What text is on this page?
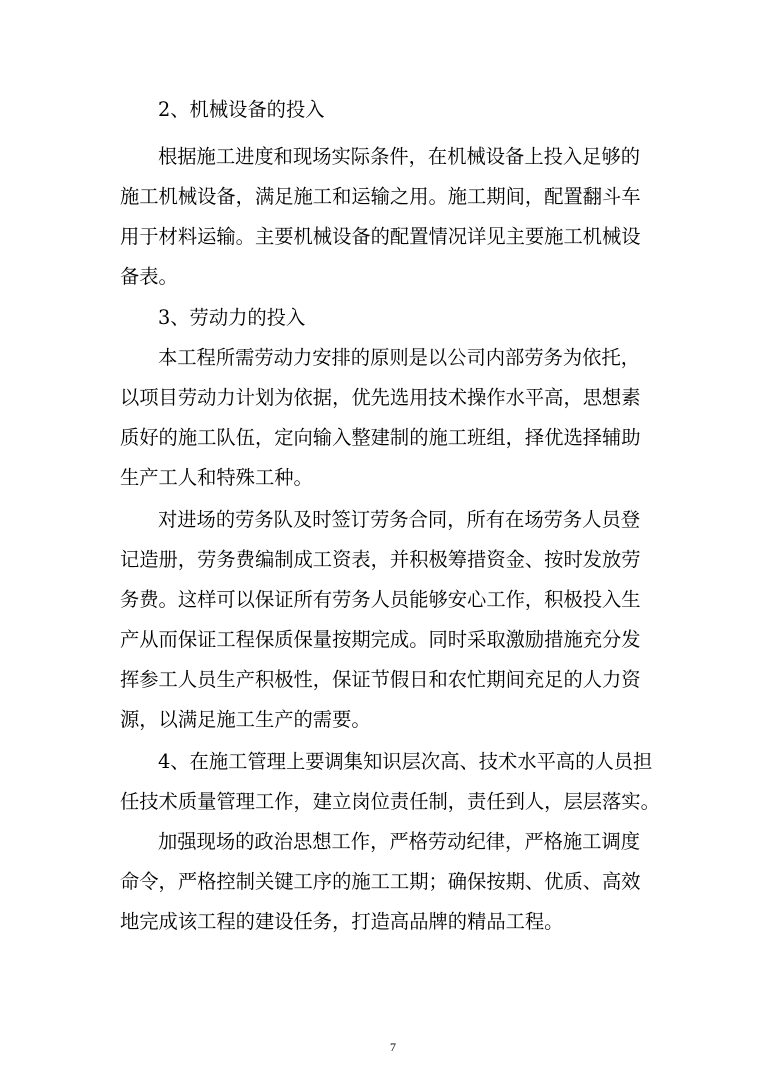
2、机械设备的投入
根据施工进度和现场实际条件，在机械设备上投入足够的
施工机械设备，满足施工和运输之用。施工期间，配置翻斗车
用于材料运输。主要机械设备的配置情况详见主要施工机械设
备表。
3、劳动力的投入
本工程所需劳动力安排的原则是以公司内部劳务为依托，
以项目劳动力计划为依据，优先选用技术操作水平高，思想素
质好的施工队伍，定向输入整建制的施工班组，择优选择辅助
生产工人和特殊工种。
对进场的劳务队及时签订劳务合同，所有在场劳务人员登
记造册，劳务费编制成工资表，并积极筹措资金、按时发放劳
务费。这样可以保证所有劳务人员能够安心工作，积极投入生
产从而保证工程保质保量按期完成。同时采取激励措施充分发
挥参工人员生产积极性，保证节假日和农忙期间充足的人力资
源，以满足施工生产的需要。
4、在施工管理上要调集知识层次高、技术水平高的人员担
任技术质量管理工作，建立岗位责任制，责任到人，层层落实。
加强现场的政治思想工作，严格劳动纪律，严格施工调度
命令，严格控制关键工序的施工工期；确保按期、优质、高效
地完成该工程的建设任务，打造高品牌的精品工程。
7
